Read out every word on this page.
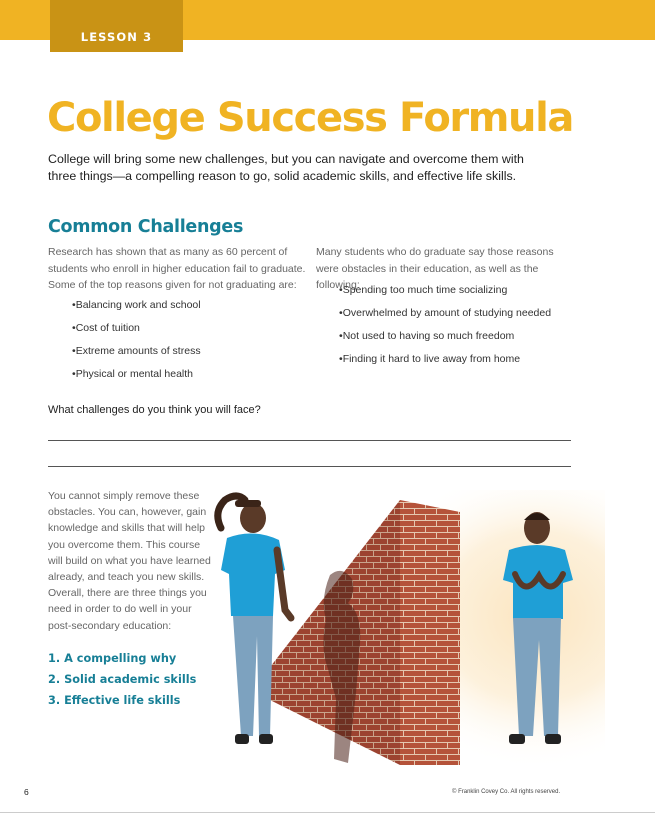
LESSON 3
College Success Formula

College will bring some new challenges, but you can navigate and overcome them with three things—a compelling reason to go, solid academic skills, and effective life skills.

Common Challenges

Research has shown that as many as 60 percent of students who enroll in higher education fail to graduate. Some of the top reasons given for not graduating are:

• Balancing work and school
• Cost of tuition
• Extreme amounts of stress
• Physical or mental health

Many students who do graduate say those reasons were obstacles in their education, as well as the following:

• Spending too much time socializing
• Overwhelmed by amount of studying needed
• Not used to having so much freedom
• Finding it hard to live away from home
What challenges do you think you will face?

You cannot simply remove these obstacles. You can, however, gain knowledge and skills that will help you overcome them. This course will build on what you have learned already, and teach you new skills. Overall, there are three things you need in order to do well in your post-secondary education:

1. A compelling why
2. Solid academic skills
3. Effective life skills
6	© Franklin Covey Co. All rights reserved.
